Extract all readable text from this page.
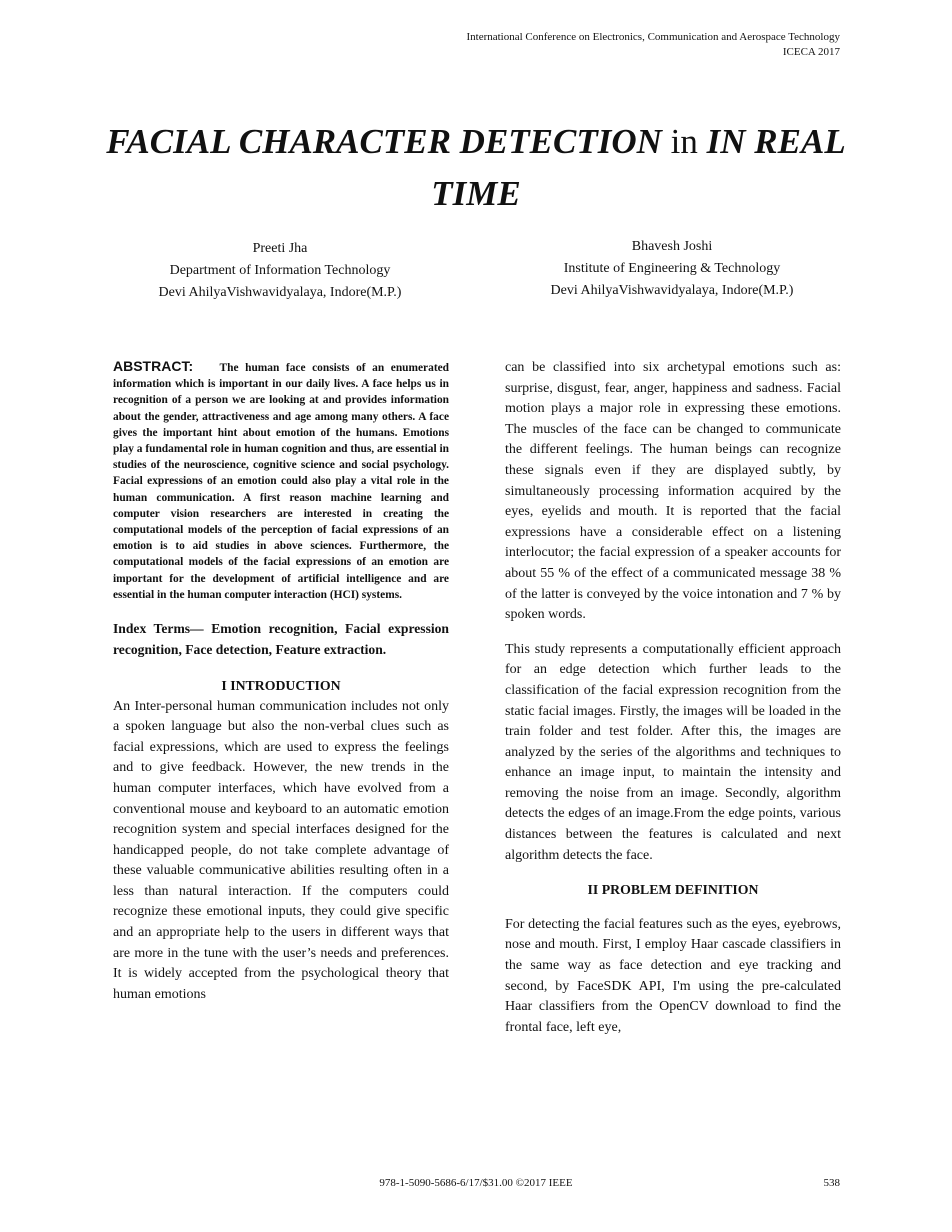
International Conference on Electronics, Communication and Aerospace Technology
ICECA 2017
FACIAL CHARACTER DETECTION in IN REAL TIME
Preeti Jha
Department of Information Technology
Devi AhilyaVishwavidyalaya, Indore(M.P.)
Bhavesh Joshi
Institute of Engineering & Technology
Devi AhilyaVishwavidyalaya, Indore(M.P.)

ABSTRACT: The human face consists of an enumerated information which is important in our daily lives. A face helps us in recognition of a person we are looking at and provides information about the gender, attractiveness and age among many others. A face gives the important hint about emotion of the humans. Emotions play a fundamental role in human cognition and thus, are essential in studies of the neuroscience, cognitive science and social psychology. Facial expressions of an emotion could also play a vital role in the human communication. A first reason machine learning and computer vision researchers are interested in creating the computational models of the perception of facial expressions of an emotion is to aid studies in above sciences. Furthermore, the computational models of the facial expressions of an emotion are important for the development of artificial intelligence and are essential in the human computer interaction (HCI) systems.

Index Terms— Emotion recognition, Facial expression recognition, Face detection, Feature extraction.

I INTRODUCTION

An Inter-personal human communication includes not only a spoken language but also the non-verbal clues such as facial expressions, which are used to express the feelings and to give feedback. However, the new trends in the human computer interfaces, which have evolved from a conventional mouse and keyboard to an automatic emotion recognition system and special interfaces designed for the handicapped people, do not take complete advantage of these valuable communicative abilities resulting often in a less than natural interaction. If the computers could recognize these emotional inputs, they could give specific and an appropriate help to the users in different ways that are more in the tune with the user’s needs and preferences. It is widely accepted from the psychological theory that human emotions

can be classified into six archetypal emotions such as: surprise, disgust, fear, anger, happiness and sadness. Facial motion plays a major role in expressing these emotions. The muscles of the face can be changed to communicate the different feelings. The human beings can recognize these signals even if they are displayed subtly, by simultaneously processing information acquired by the eyes, eyelids and mouth. It is reported that the facial expressions have a considerable effect on a listening interlocutor; the facial expression of a speaker accounts for about 55 % of the effect of a communicated message 38 % of the latter is conveyed by the voice intonation and 7 % by spoken words.

This study represents a computationally efficient approach for an edge detection which further leads to the classification of the facial expression recognition from the static facial images. Firstly, the images will be loaded in the train folder and test folder. After this, the images are analyzed by the series of the algorithms and techniques to enhance an image input, to maintain the intensity and removing the noise from an image. Secondly, algorithm detects the edges of an image.From the edge points, various distances between the features is calculated and next algorithm detects the face.

II PROBLEM DEFINITION

For detecting the facial features such as the eyes, eyebrows, nose and mouth. First, I employ Haar cascade classifiers in the same way as face detection and eye tracking and second, by FaceSDK API, I'm using the pre-calculated Haar classifiers from the OpenCV download to find the frontal face, left eye,

978-1-5090-5686-6/17/$31.00 ©2017 IEEE	538
